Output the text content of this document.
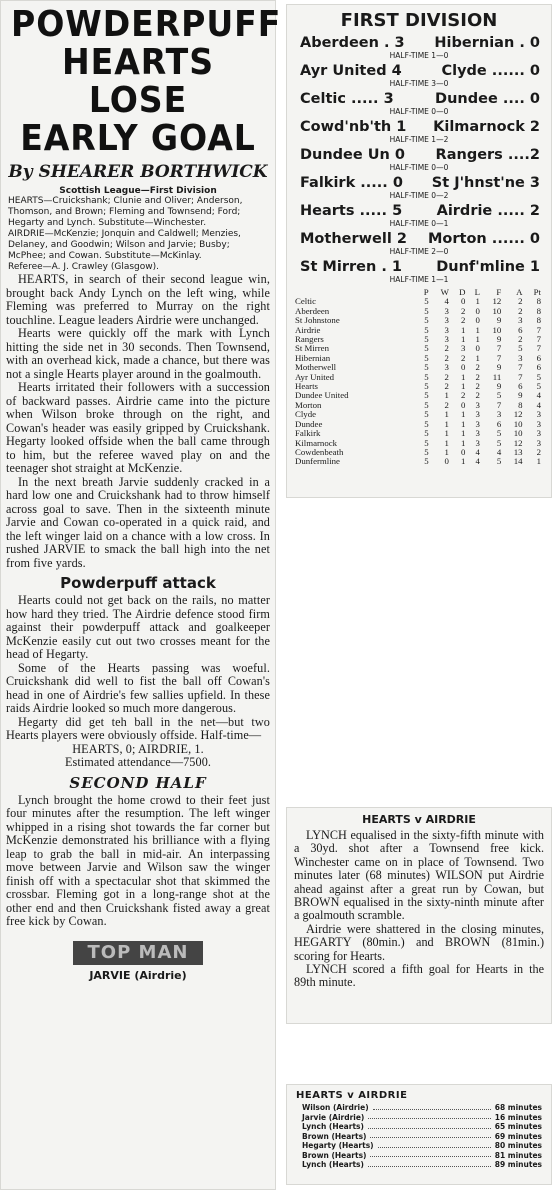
POWDERPUFF
HEARTS LOSE
EARLY GOAL
By SHEARER BORTHWICK
Scottish League—First Division
HEARTS—Cruickshank; Clunie and Oliver; Anderson, Thomson, and Brown; Fleming and Townsend; Ford; Hegarty and Lynch. Substitute—Winchester.
AIRDRIE—McKenzie; Jonquin and Caldwell; Menzies, Delaney, and Goodwin; Wilson and Jarvie; Busby; McPhee; and Cowan. Substitute—McKinlay.
Referee—A. J. Crawley (Glasgow).

HEARTS, in search of their second league win, brought back Andy Lynch on the left wing, while Fleming was preferred to Murray on the right touchline. League leaders Airdrie were unchanged.

Hearts were quickly off the mark with Lynch hitting the side net in 30 seconds. Then Townsend, with an overhead kick, made a chance, but there was not a single Hearts player around in the goalmouth.

Hearts irritated their followers with a succession of backward passes. Airdrie came into the picture when Wilson broke through on the right, and Cowan's header was easily gripped by Cruickshank. Hegarty looked offside when the ball came through to him, but the referee waved play on and the teenager shot straight at McKenzie.

In the next breath Jarvie suddenly cracked in a hard low one and Cruickshank had to throw himself across goal to save. Then in the sixteenth minute Jarvie and Cowan co-operated in a quick raid, and the left winger laid on a chance with a low cross. In rushed JARVIE to smack the ball high into the net from five yards.

Powderpuff attack

Hearts could not get back on the rails, no matter how hard they tried. The Airdrie defence stood firm against their powderpuff attack and goalkeeper McKenzie easily cut out two crosses meant for the head of Hegarty.

Some of the Hearts passing was woeful. Cruickshank did well to fist the ball off Cowan's head in one of Airdrie's few sallies upfield. In these raids Airdrie looked so much more dangerous.

Hegarty did get teh ball in the net—but two Hearts players were obviously offside. Half-time—

HEARTS, 0; AIRDRIE, 1.

Estimated attendance—7500.

SECOND HALF

Lynch brought the home crowd to their feet just four minutes after the resumption. The left winger whipped in a rising shot towards the far corner but McKenzie demonstrated his brilliance with a flying leap to grab the ball in mid-air. An interpassing move between Jarvie and Wilson saw the winger finish off with a spectacular shot that skimmed the crossbar. Fleming got in a long-range shot at the other end and then Cruickshank fisted away a great free kick by Cowan.

TOP MAN
JARVIE (Airdrie)
FIRST DIVISION
Aberdeen . 3 Hibernian . 0
HALF-TIME 1—0
Ayr United 4	Clyde ...... 0
HALF-TIME 3—0
Celtic ..... 3	Dundee .... 0
HALF-TIME 0—0
Cowd'nb'th 1 Kilmarnock 2
HALF-TIME 1—2
Dundee Un 0 Rangers ....2
HALF-TIME 0—0
Falkirk ..... 0 St J'hnst'ne 3
HALF-TIME 0—2
Hearts ..... 5 Airdrie ..... 2
HALF-TIME 0—1
Motherwell 2 Morton ...... 0
HALF-TIME 2—0
St Mirren . 1 Dunf'mline 1
HALF-TIME 1—1
	P	W	D	L	F	A	Pt
Celtic	5	4	0	1	12	2	8
Aberdeen	5	3	2	0	10	2	8
St Johnstone	5	3	2	0	9	3	8
Airdrie	5	3	1	1	10	6	7
Rangers	5	3	1	1	9	2	7
St Mirren	5	2	3	0	7	5	7
Hibernian	5	2	2	1	7	3	6
Motherwell	5	3	0	2	9	7	6
Ayr United	5	2	1	2	11	7	5
Hearts	5	2	1	2	9	6	5
Dundee United	5	1	2	2	5	9	4
Morton	5	2	0	3	7	8	4
Clyde	5	1	1	3	3	12	3
Dundee	5	1	1	3	6	10	3
Falkirk	5	1	1	3	5	10	3
Kilmarnock	5	1	1	3	5	12	3
Cowdenbeath	5	1	0	4	4	13	2
Dunfermline	5	0	1	4	5	14	1
HEARTS v AIRDRIE

LYNCH equalised in the sixty-fifth minute with a 30yd. shot after a Townsend free kick. Winchester came on in place of Townsend. Two minutes later (68 minutes) WILSON put Airdrie ahead against after a great run by Cowan, but BROWN equalised in the sixty-ninth minute after a goalmouth scramble.

Airdrie were shattered in the closing minutes, HEGARTY (80min.) and BROWN (81min.) scoring for Hearts.

LYNCH scored a fifth goal for Hearts in the 89th minute.

HEARTS v AIRDRIE
Wilson (Airdrie)	68 minutes
Jarvie (Airdrie)	16 minutes
Lynch (Hearts)	65 minutes
Brown (Hearts)	69 minutes
Hegarty (Hearts)	80 minutes
Brown (Hearts)	81 minutes
Lynch (Hearts)	89 minutes
